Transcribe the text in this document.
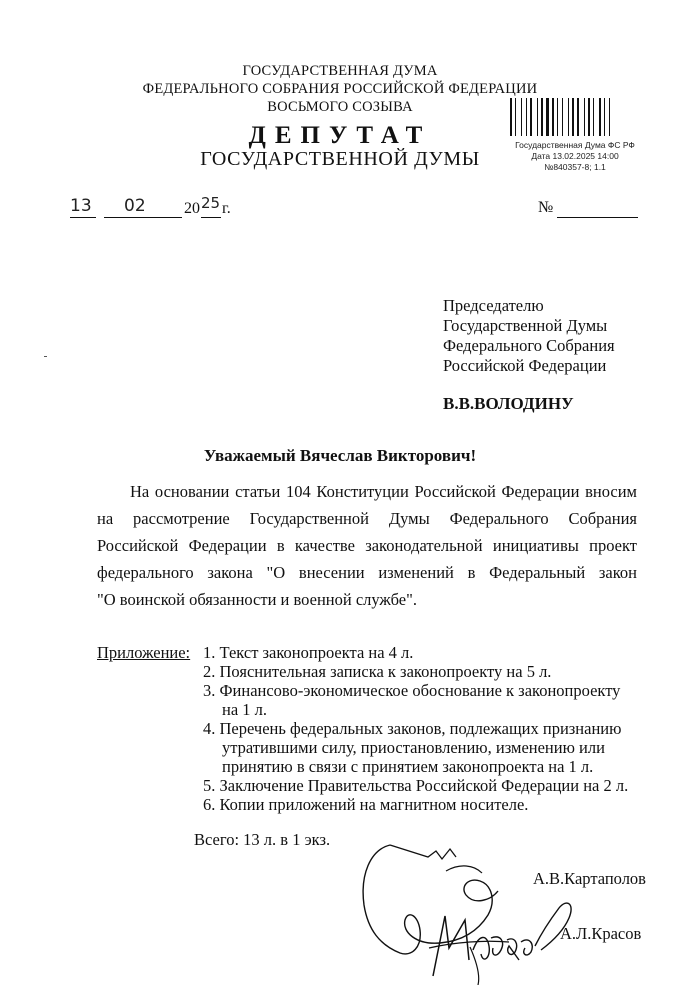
ГОСУДАРСТВЕННАЯ ДУМА
ФЕДЕРАЛЬНОГО СОБРАНИЯ РОССИЙСКОЙ ФЕДЕРАЦИИ
ВОСЬМОГО СОЗЫВА
ДЕПУТАТ
ГОСУДАРСТВЕННОЙ ДУМЫ
Государственная Дума ФС РФ
Дата 13.02.2025 14:00
№840357-8; 1.1
13 02 20 25 г.	№
Председателю
Государственной Думы
Федерального Собрания
Российской Федерации
В.В.ВОЛОДИНУ
Уважаемый Вячеслав Викторович!
На основании статьи 104 Конституции Российской Федерации вносим
на рассмотрение Государственной Думы Федерального Собрания
Российской Федерации в качестве законодательной инициативы проект
федерального закона "О внесении изменений в Федеральный закон
"О воинской обязанности и военной службе".
Приложение: 1. Текст законопроекта на 4 л.
2. Пояснительная записка к законопроекту на 5 л.
3. Финансово-экономическое обоснование к законопроекту
на 1 л.
4. Перечень федеральных законов, подлежащих признанию
утратившими силу, приостановлению, изменению или
принятию в связи с принятием законопроекта на 1 л.
5. Заключение Правительства Российской Федерации на 2 л.
6. Копии приложений на магнитном носителе.
Всего: 13 л. в 1 экз.
А.В.Картаполов
А.Л.Красов
